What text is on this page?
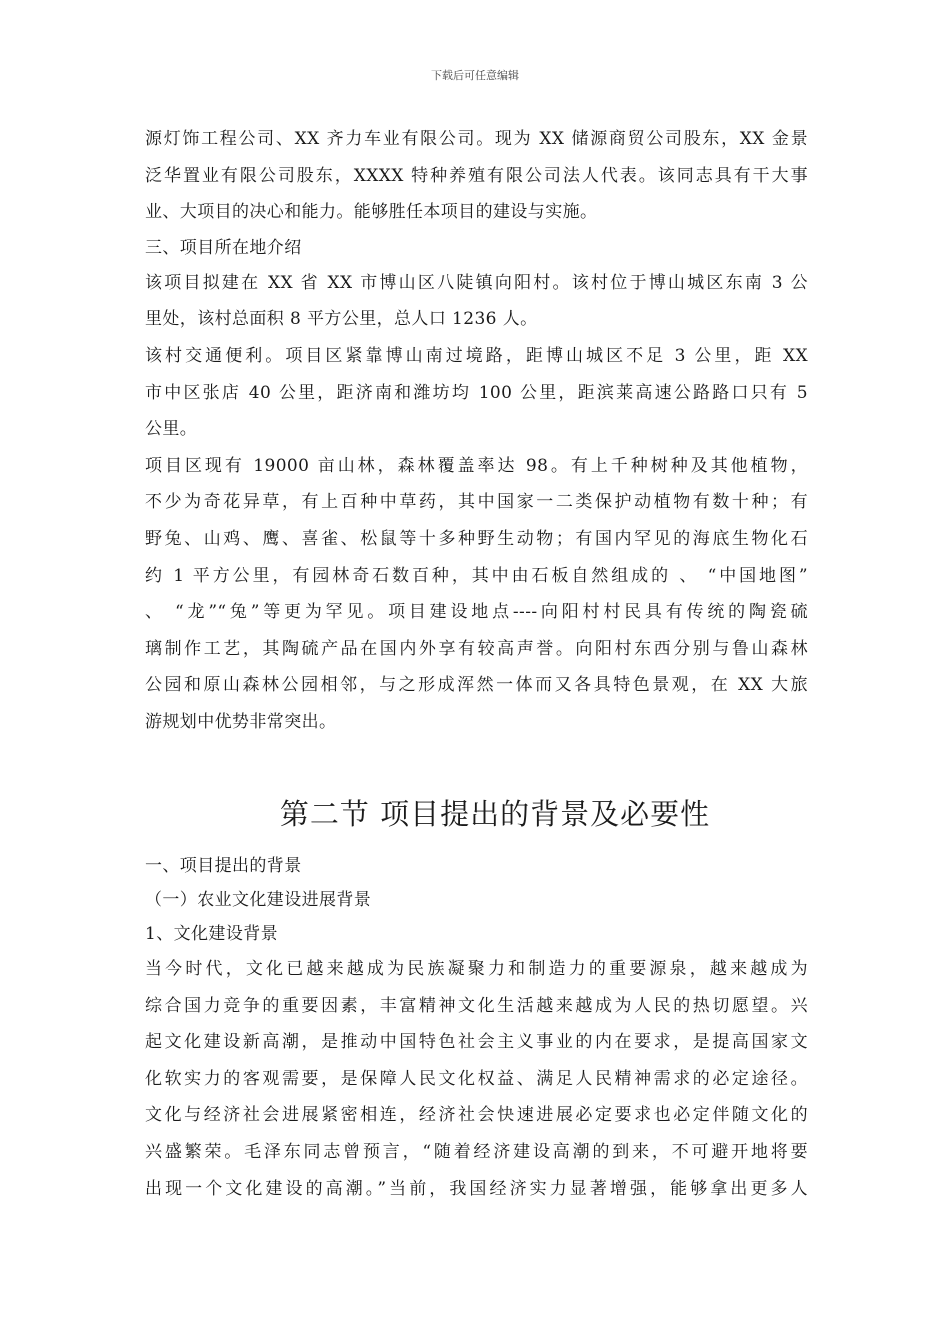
下载后可任意编辑

源灯饰工程公司、XX 齐力车业有限公司。现为 XX 储源商贸公司股东，XX 金景

泛华置业有限公司股东，XXXX 特种养殖有限公司法人代表。该同志具有干大事

业、大项目的决心和能力。能够胜任本项目的建设与实施。

三、项目所在地介绍

该项目拟建在 XX 省 XX 市博山区八陡镇向阳村。该村位于博山城区东南 3 公

里处，该村总面积 8 平方公里，总人口 1236 人。

该村交通便利。项目区紧靠博山南过境路，距博山城区不足 3 公里，距 XX

市中区张店 40 公里，距济南和潍坊均 100 公里，距滨莱高速公路路口只有 5

公里。

项目区现有 19000 亩山林，森林覆盖率达 98。有上千种树种及其他植物，

不少为奇花异草，有上百种中草药，其中国家一二类保护动植物有数十种；有

野兔、山鸡、鹰、喜雀、松鼠等十多种野生动物；有国内罕见的海底生物化石

约 1 平方公里，有园林奇石数百种，其中由石板自然组成的 、 “中国地图”

、 “龙”“兔”等更为罕见。项目建设地点----向阳村村民具有传统的陶瓷硫

璃制作工艺，其陶硫产品在国内外享有较高声誉。向阳村东西分别与鲁山森林

公园和原山森林公园相邻，与之形成浑然一体而又各具特色景观，在 XX 大旅

游规划中优势非常突出。

第二节 项目提出的背景及必要性

一、项目提出的背景

（一）农业文化建设进展背景

1、文化建设背景

当今时代，文化已越来越成为民族凝聚力和制造力的重要源泉，越来越成为

综合国力竞争的重要因素，丰富精神文化生活越来越成为人民的热切愿望。兴

起文化建设新高潮，是推动中国特色社会主义事业的内在要求，是提高国家文

化软实力的客观需要，是保障人民文化权益、满足人民精神需求的必定途径。

文化与经济社会进展紧密相连，经济社会快速进展必定要求也必定伴随文化的

兴盛繁荣。毛泽东同志曾预言，“随着经济建设高潮的到来，不可避开地将要

出现一个文化建设的高潮。”当前，我国经济实力显著增强，能够拿出更多人
